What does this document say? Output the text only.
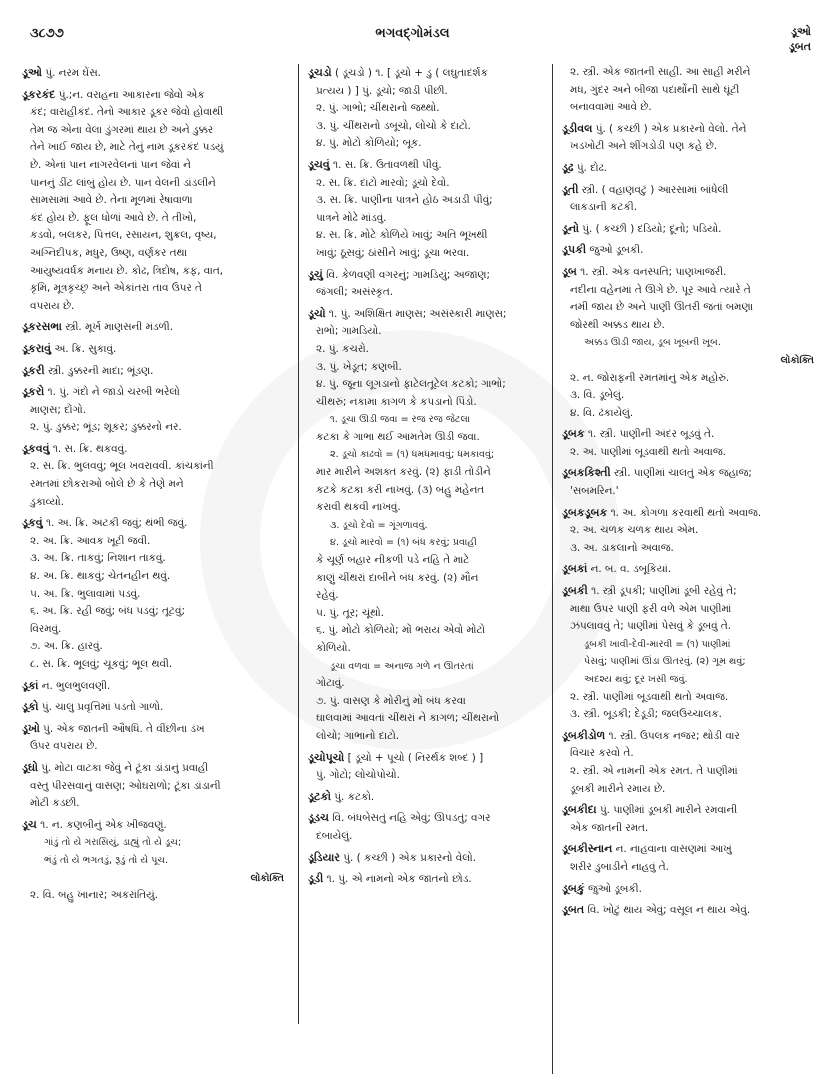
૩૮૭૭	ભગવદ્ગોમંડલ	ડૂઓ
ડૂબત
ડૂઓ પું. નરમ ઘેંસ.
ડૂકરકંદ પું.;ન. વરાહના આકારના જેવો એક
કંદ; વારાહીકંદ. તેનો આકાર ડૂકર જેવો હોવાથી
તેમ જ એના વેલા ડુંગરમાં થાય છે અને ડુક્કર
તેને ખાઈ જાય છે, માટે તેનું નામ ડૂકરકંદ પડયું
છે. એનાં પાન નાગરવેલનાં પાન જેવાં ને
પાનનું ડીંટ લાંબું હોય છે. પાન વેલની ડાંડલીને
સામસામાં આવે છે. તેના મૂળમાં રેષાવાળા
કંદ હોય છે. ફૂલ ધોળાં આવે છે. તે તીખો,
કડવો, બલકર, પિત્તલ, રસાયન, શુક્રલ, વૃષ્ય,
અગ્નિદીપક, મધુર, ઉષ્ણ, વર્ણકર તથા
આયુષ્યવર્ધક મનાય છે. કોઢ, ત્રિદોષ, કફ, વાત,
કૃમિ, મૂત્રકૃચ્છ્ર અને એકાંતરા તાવ ઉપર તે
વપરાય છે.
ડૂકરસભા સ્ત્રી. મૂર્ખ માણસની મંડળી.
ડૂકરાવું અ. ક્રિ. સુકાવું.
ડૂકરી સ્ત્રી. ડુક્કરની માદા; ભૂંડણ.
ડૂકરો ૧. પું. ગંદો ને જાડો ચરબી ભરેલો
માણસ; દોંગો.
૨. પું. ડુક્કર; ભૂંડ; શૂકર; ડુક્કરનો નર.
ડૂકવવું ૧. સ. ક્રિ. થકવવું.
૨. સ. ક્રિ. ભુલવવું; ભૂલ ખવરાવવી. કાંચકાંની
રમતમાં છોકરાઓ બોલે છે કે તેણે મને
ડુકાવ્યો.
ડૂકવું ૧. અ. ક્રિ. અટકી જવું; થંભી જવું.
૨. અ. ક્રિ. આવક ખૂટી જવી.
૩. અ. ક્રિ. તાકવું; નિશાન તાકવું.
૪. અ. ક્રિ. થાકવું; ચેતનહીન થવું.
૫. અ. ક્રિ. ભુલાવામાં પડવું.
૬. અ. ક્રિ. રહી જવું; બંધ પડવું; તૂટવું;
વિરમવું.
૭. અ. ક્રિ. હારવું.
૮. સ. ક્રિ. ભૂલવું; ચૂકવું; ભૂલ થવી.
ડૂકાં ન. ભુલભુલવણી.
ડૂકો પું. ચાલુ પ્રવૃત્તિમાં પડતો ગાળો.
ડૂખો પું. એક જાતની ઔષધિ. તે વીંછીના ડંખ
ઉપર વપરાય છે.
ડૂઘો પું. મોટા વાટકા જેવું ને ટૂંકા ડાંડાનું પ્રવાહી
વસ્તુ પીરસવાનું વાસણ; ઓઘરાળો; ટૂંકા ડાંડાની
મોટી કડછી.
ડૂચ ૧. ન. કણબીનું એક ખીજવણું.
ગાંડું તો યે ગરાસિયું, ડાહ્યું તો યે ડૂચ;
ભંડું તો યે ભગતડું, રૂડું તો યે પૂચ.
લોકોક્તિ
૨. વિ. બહુ ખાનાર; અકરાંતિયું.
ડૂચડો ( ડૂચડો ) ૧. [ ડૂચો + ડુ ( લઘુતાદર્શક
પ્રત્યય ) ] પું. ડૂચો; જાડી પીછી.
૨. પું. ગાભો; ચીંથરાનો જથ્થો.
૩. પું. ચીંથરાનો ડબૂચો, લોચો કે દાટો.
૪. પું. મોટો કોળિયો; બૂક.
ડૂચવું ૧. સ. ક્રિ. ઉતાવળથી પીવું.
૨. સ. ક્રિ. દાટો મારવો; ડૂચો દેવો.
૩. સ. ક્રિ. પાણીના પાત્રને હોઠ અડાડી પીવું;
પાત્રને મોઢે માંડવું.
૪. સ. ક્રિ. મોટે કોળિયે ખાવું; અતિ ભૂખથી
ખાવું; ઠૂસવું; ઠાંસીને ખાવું; ડૂચા ભરવા.
ડૂચું વિ. કેળવણી વગરનું; ગામડિયું; અજાણ;
જંગલી; અસંસ્કૃત.
ડૂચો ૧. પું. અશિક્ષિત માણસ; અસંસ્કારી માણસ;
રાભો; ગામડિયો.
૨. પું. કચરો.
૩. પું. ખેડૂત; કણબી.
૪. પું. જૂના લૂગડાનો ફાટેલતૂટેલ કટકો; ગાભો;
ચીથરું; નકામા કાગળ કે કપડાનો પિંડો.
૧. ડૂચા ઊડી જવા = રજ રજ જેટલા
કટકા કે ગાભા થઈ આમતેમ ઊડી જવા.
૨. ડૂચો કાઢવો = (૧) ધમધમાવવું; ધમકાવવું;
માર મારીને અશક્ત કરવું. (૨) ફાડી તોડીને
કટકે કટકા કરી નાખવું. (૩) બહુ મહેનત
કરાવી થકવી નાખવું.
૩. ડૂચો દેવો = ગૂંગળાવવું.
૪. ડૂચો મારવો = (૧) બંધ કરવું; પ્રવાહી
કે ચૂર્ણ બહાર નીકળી પડે નહિ તે માટે
કાણું ચીંથરાં દાબીને બંધ કરવું. (૨) મૌન
રહેવું.
૫. પું. તૂર; ચૂંથો.
૬. પું. મોટો કોળિયો; મોં ભરાય એવો મોટો
કોળિયો.
ડૂચા વળવા = અનાજ ગળે ન ઊતરતાં
ગોટાવું.
૭. પું. વાસણ કે મોરીનું મોં બંધ કરવા
ઘાલવામાં આવતાં ચીંથરાં ને કાગળ; ચીંથરાનો
લોચો; ગાભાનો દાટો.
ડૂચોપૂચો [ ડૂચો + પૂચો ( નિરર્થક શબ્દ ) ]
પું. ગોટો; લોચોપોચો.
ડૂટકો પું. કટકો.
ડૂડચ વિ. બંધબેસતું નહિ એવું; ઊપડતું; વગર
દબાયેલું.
ડૂડિયાર પું. ( કચ્છી ) એક પ્રકારનો વેલો.
ડૂડી ૧. પું. એ નામનો એક જાતનો છોડ.
૨. સ્ત્રી. એક જાતની સાહી. આ સાહી મરીને
મધ, ગુંદર અને બીજા પદાર્થોની સાથે ઘૂંટી
બનાવવામાં આવે છે.
ડૂડીવલ પું. ( કચ્છી ) એક પ્રકારનો વેલો. તેને
ખડખોટી અને શીંગડોડી પણ કહે છે.
ડૂઢ પું. દોઢ.
ડૂતી સ્ત્રી. ( વહાણવટું ) આરસામાં બાંધેલી
લાકડાની કટકી.
ડૂનો પું. ( કચ્છી ) દડિયો; દૂનો; પડિયો.
ડૂપકી જુઓ ડૂબકી.
ડૂબ ૧. સ્ત્રી. એક વનસ્પતિ; પાણખાજરી.
નદીના વહેનમાં તે ઊગે છે. પૂર આવે ત્યારે તે
નમી જાય છે અને પાણી ઊતરી જતાં બમણા
જોરથી અક્કડ થાય છે.
અક્કડ ઊડી જાય, ડૂબ ખૂબની ખૂબ.
લોકોક્તિ
૨. ન. જોરાફની રમતમાંનું એક મહોરું.
૩. વિ. ડૂબેલું.
૪. વિ. ઢંકાયેલું.
ડૂબક ૧. સ્ત્રી. પાણીની અંદર બૂડવું તે.
૨. અ. પાણીમાં બૂડવાથી થતો અવાજ.
ડૂબકકિશ્તી સ્ત્રી. પાણીમાં ચાલતું એક જહાજ;
'સબમરિન.'
ડૂબકડૂબક ૧. અ. કોગળા કરવાથી થતો અવાજ.
૨. અ. ચળક ચળક થાય એમ.
૩. અ. ડાકલાનો અવાજ.
ડૂબકાં ન. બ. વ. ડબૂકિયાં.
ડૂબકી ૧. સ્ત્રી ડૂપકી; પાણીમાં ડૂબી રહેવું તે;
માથા ઉપર પાણી ફરી વળે એમ પાણીમાં
ઝંપલાવવું તે; પાણીમાં પેસવું કે ડૂબવું તે.
ડૂબકી ખાવી-દેવી-મારવી = (૧) પાણીમાં
પેસવું; પાણીમાં ઊંડા ઊતરવું. (૨) ગૂમ થવું;
અદશ્ય થવું; દૂર ખસી જવું.
૨. સ્ત્રી. પાણીમાં બૂડવાથી થતો અવાજ.
૩. સ્ત્રી. બૂડકી; દેડૂડી; જલઉચ્ચાલક.
ડૂબકીડોળ ૧. સ્ત્રી. ઉપલક નજર; થોડી વાર
વિચાર કરવો તે.
૨. સ્ત્રી. એ નામની એક રમત. તે પાણીમાં
ડૂબકી મારીને રમાય છે.
ડૂબકીદા પું. પાણીમાં ડૂબકી મારીને રમવાની
એક જાતની રમત.
ડૂબકીસ્નાન ન. નાહવાના વાસણમાં આખું
શરીર ડુબાડીને નાહવું તે.
ડૂબકું જુઓ ડૂબકી.
ડૂબત વિ. ખોટું થાય એવું; વસૂલ ન થાય એવું.
